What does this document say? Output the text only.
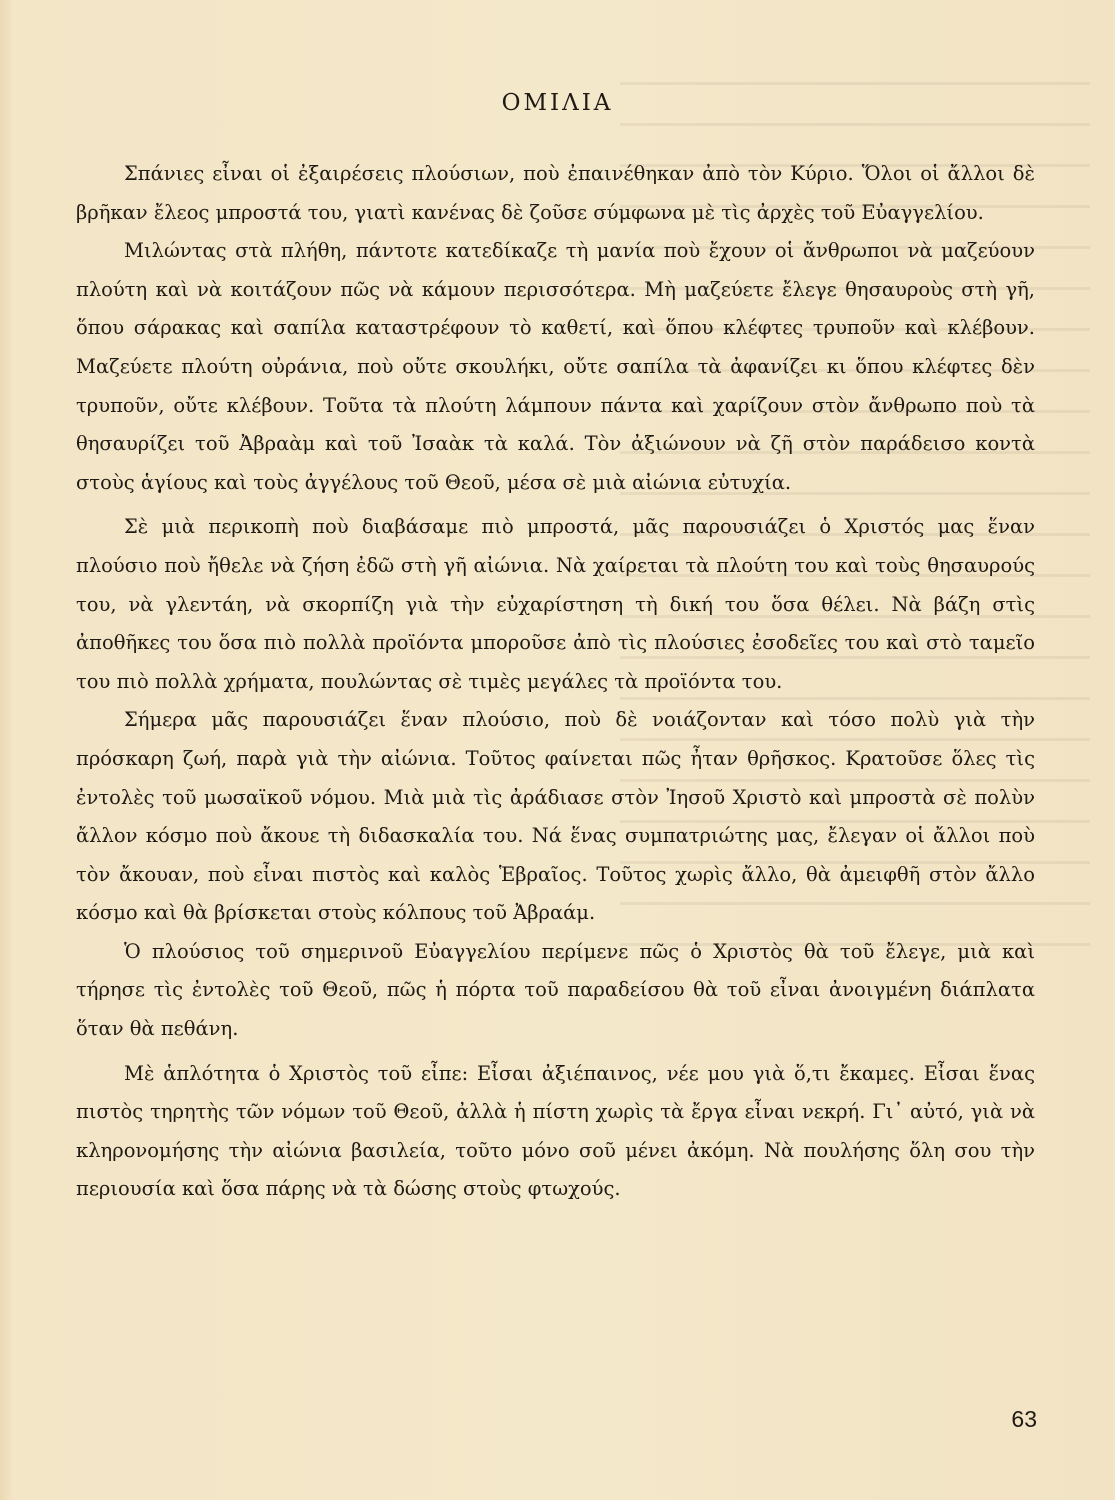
ΟΜΙΛΙΑ

Σπάνιες εἶναι οἱ ἐξαιρέσεις πλούσιων, ποὺ ἐπαινέθηκαν ἀπὸ τὸν Κύριο. Ὅλοι οἱ ἄλλοι δὲ βρῆκαν ἔλεος μπροστά του, γιατὶ κανένας δὲ ζοῦσε σύμφωνα μὲ τὶς ἀρχὲς τοῦ Εὐαγγελίου.

Μιλώντας στὰ πλήθη, πάντοτε κατεδίκαζε τὴ μανία ποὺ ἔχουν οἱ ἄνθρωποι νὰ μαζεύουν πλούτη καὶ νὰ κοιτάζουν πῶς νὰ κάμουν περισσότερα. Μὴ μαζεύετε ἔλεγε θησαυροὺς στὴ γῆ, ὅπου σάρακας καὶ σαπίλα καταστρέφουν τὸ καθετί, καὶ ὅπου κλέφτες τρυποῦν καὶ κλέβουν. Μαζεύετε πλούτη οὐράνια, ποὺ οὔτε σκουλήκι, οὔτε σαπίλα τὰ ἀφανίζει κι ὅπου κλέφτες δὲν τρυποῦν, οὔτε κλέβουν. Τοῦτα τὰ πλούτη λάμπουν πάντα καὶ χαρίζουν στὸν ἄνθρωπο ποὺ τὰ θησαυρίζει τοῦ Ἀβραὰμ καὶ τοῦ Ἰσαὰκ τὰ καλά. Τὸν ἀξιώνουν νὰ ζῆ στὸν παράδεισο κοντὰ στοὺς ἁγίους καὶ τοὺς ἀγγέλους τοῦ Θεοῦ, μέσα σὲ μιὰ αἰώνια εὐτυχία.

Σὲ μιὰ περικοπὴ ποὺ διαβάσαμε πιὸ μπροστά, μᾶς παρουσιάζει ὁ Χριστός μας ἕναν πλούσιο ποὺ ἤθελε νὰ ζήση ἐδῶ στὴ γῆ αἰώνια. Νὰ χαίρεται τὰ πλούτη του καὶ τοὺς θησαυρούς του, νὰ γλεντάη, νὰ σκορπίζη γιὰ τὴν εὐχαρίστηση τὴ δική του ὅσα θέλει. Νὰ βάζη στὶς ἀποθῆκες του ὅσα πιὸ πολλὰ προϊόντα μποροῦσε ἀπὸ τὶς πλούσιες ἐσοδεῖες του καὶ στὸ ταμεῖο του πιὸ πολλὰ χρήματα, πουλώντας σὲ τιμὲς μεγάλες τὰ προϊόντα του.

Σήμερα μᾶς παρουσιάζει ἕναν πλούσιο, ποὺ δὲ νοιάζονταν καὶ τόσο πολὺ γιὰ τὴν πρόσκαρη ζωή, παρὰ γιὰ τὴν αἰώνια. Τοῦτος φαίνεται πῶς ἦταν θρῆσκος. Κρατοῦσε ὅλες τὶς ἐντολὲς τοῦ μωσαϊκοῦ νόμου. Μιὰ μιὰ τὶς ἀράδιασε στὸν Ἰησοῦ Χριστὸ καὶ μπροστὰ σὲ πολὺν ἄλλον κόσμο ποὺ ἄκουε τὴ διδασκαλία του. Νά ἕνας συμπατριώτης μας, ἔλεγαν οἱ ἄλλοι ποὺ τὸν ἄκουαν, ποὺ εἶναι πιστὸς καὶ καλὸς Ἑβραῖος. Τοῦτος χωρὶς ἄλλο, θὰ ἀμειφθῆ στὸν ἄλλο κόσμο καὶ θὰ βρίσκεται στοὺς κόλπους τοῦ Ἀβραάμ.

Ὁ πλούσιος τοῦ σημερινοῦ Εὐαγγελίου περίμενε πῶς ὁ Χριστὸς θὰ τοῦ ἔλεγε, μιὰ καὶ τήρησε τὶς ἐντολὲς τοῦ Θεοῦ, πῶς ἡ πόρτα τοῦ παραδείσου θὰ τοῦ εἶναι ἀνοιγμένη διάπλατα ὅταν θὰ πεθάνη.

Μὲ ἁπλότητα ὁ Χριστὸς τοῦ εἶπε: Εἶσαι ἀξιέπαινος, νέε μου γιὰ ὅ,τι ἔκαμες. Εἶσαι ἕνας πιστὸς τηρητὴς τῶν νόμων τοῦ Θεοῦ, ἀλλὰ ἡ πίστη χωρὶς τὰ ἔργα εἶναι νεκρή. Γι᾿ αὐτό, γιὰ νὰ κληρονομήσης τὴν αἰώνια βασιλεία, τοῦτο μόνο σοῦ μένει ἀκόμη. Νὰ πουλήσης ὅλη σου τὴν περιουσία καὶ ὅσα πάρης νὰ τὰ δώσης στοὺς φτωχούς.

63
